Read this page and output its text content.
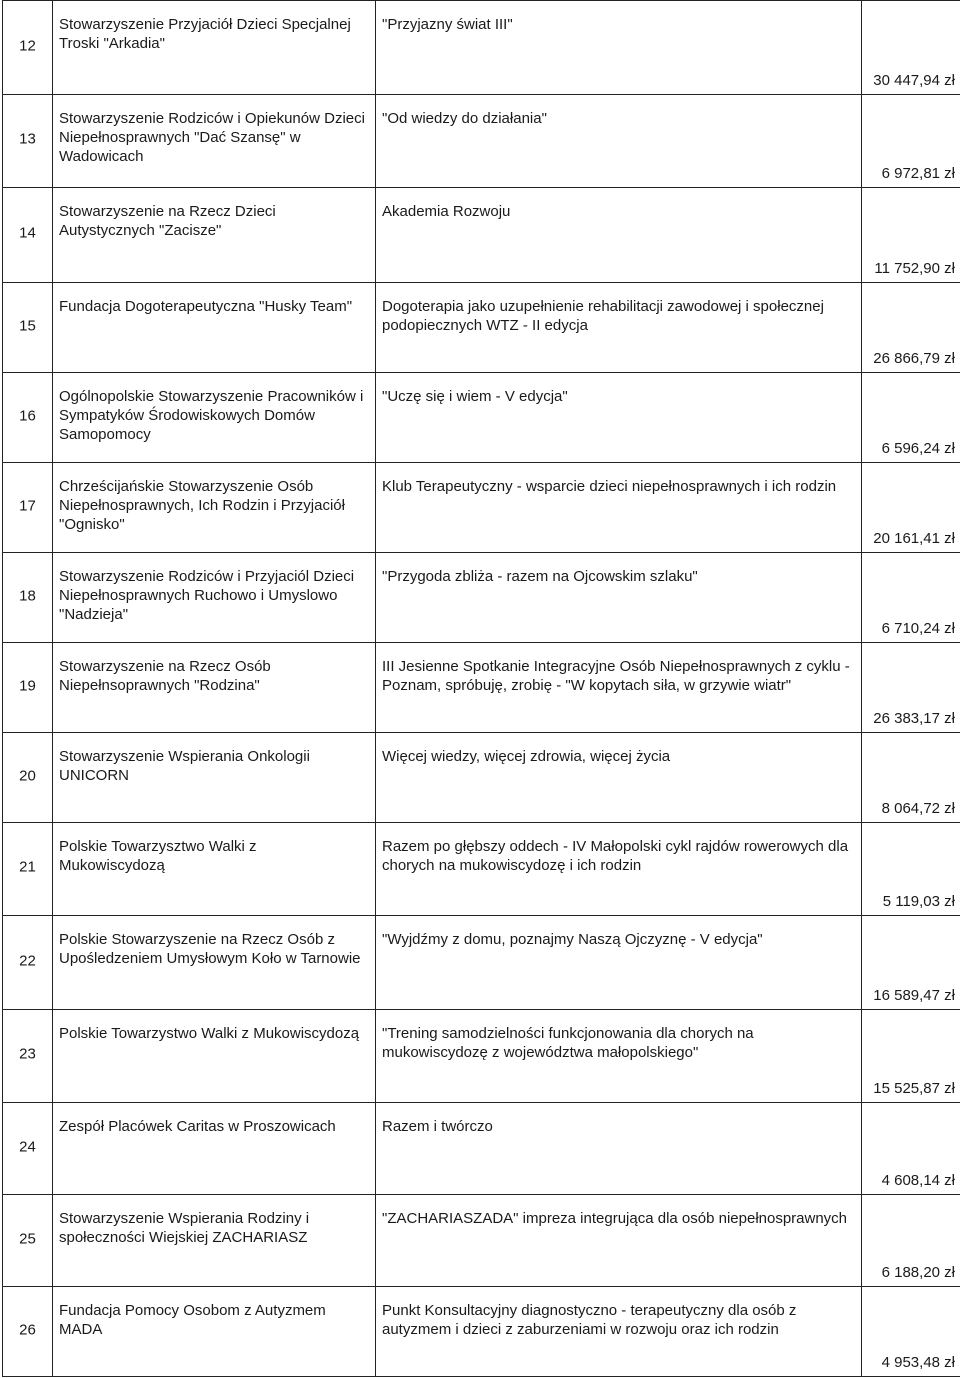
12	Stowarzyszenie Przyjaciół Dzieci Specjalnej Troski "Arkadia"	"Przyjazny świat III"	30 447,94 zł

13	Stowarzyszenie Rodziców i Opiekunów Dzieci Niepełnosprawnych "Dać Szansę" w Wadowicach	"Od wiedzy do działania"	6 972,81 zł

14	Stowarzyszenie na Rzecz Dzieci Autystycznych "Zacisze"	Akademia Rozwoju	11 752,90 zł

15	Fundacja Dogoterapeutyczna "Husky Team"	Dogoterapia jako uzupełnienie rehabilitacji zawodowej i społecznej podopiecznych WTZ - II edycja	26 866,79 zł

16	Ogólnopolskie Stowarzyszenie Pracowników i Sympatyków Środowiskowych Domów Samopomocy	"Uczę się i wiem - V edycja"	6 596,24 zł

17	Chrześcijańskie Stowarzyszenie Osób Niepełnosprawnych, Ich Rodzin i Przyjaciół "Ognisko"	Klub Terapeutyczny - wsparcie dzieci niepełnosprawnych i ich rodzin	20 161,41 zł

18	Stowarzyszenie Rodziców i Przyjaciól Dzieci Niepełnosprawnych Ruchowo i Umyslowo "Nadzieja"	"Przygoda zbliża - razem na Ojcowskim szlaku"	6 710,24 zł

19	Stowarzyszenie na Rzecz Osób Niepełnsoprawnych "Rodzina"	III Jesienne Spotkanie Integracyjne Osób Niepełnosprawnych z cyklu - Poznam, spróbuję, zrobię - "W kopytach siła, w grzywie wiatr"	26 383,17 zł

20	Stowarzyszenie Wspierania Onkologii UNICORN	Więcej wiedzy, więcej zdrowia, więcej życia	8 064,72 zł

21	Polskie Towarzysztwo Walki z Mukowiscydozą	Razem po głębszy oddech - IV Małopolski cykl rajdów rowerowych dla chorych na mukowiscydozę i ich rodzin	5 119,03 zł

22	Polskie Stowarzyszenie na Rzecz Osób z Upośledzeniem Umysłowym Koło w Tarnowie	"Wyjdźmy z domu, poznajmy Naszą Ojczyznę - V edycja"	16 589,47 zł

23	Polskie Towarzystwo Walki z Mukowiscydozą	"Trening samodzielności funkcjonowania dla chorych na mukowiscydozę z województwa małopolskiego"	15 525,87 zł

24	Zespół Placówek Caritas w Proszowicach	Razem i twórczo	4 608,14 zł

25	Stowarzyszenie Wspierania Rodziny i społeczności Wiejskiej ZACHARIASZ	"ZACHARIASZADA" impreza integrująca dla osób niepełnosprawnych	6 188,20 zł

26	Fundacja Pomocy Osobom z Autyzmem MADA	Punkt Konsultacyjny diagnostyczno - terapeutyczny dla osób z autyzmem i dzieci z zaburzeniami w rozwoju oraz ich rodzin	4 953,48 zł
